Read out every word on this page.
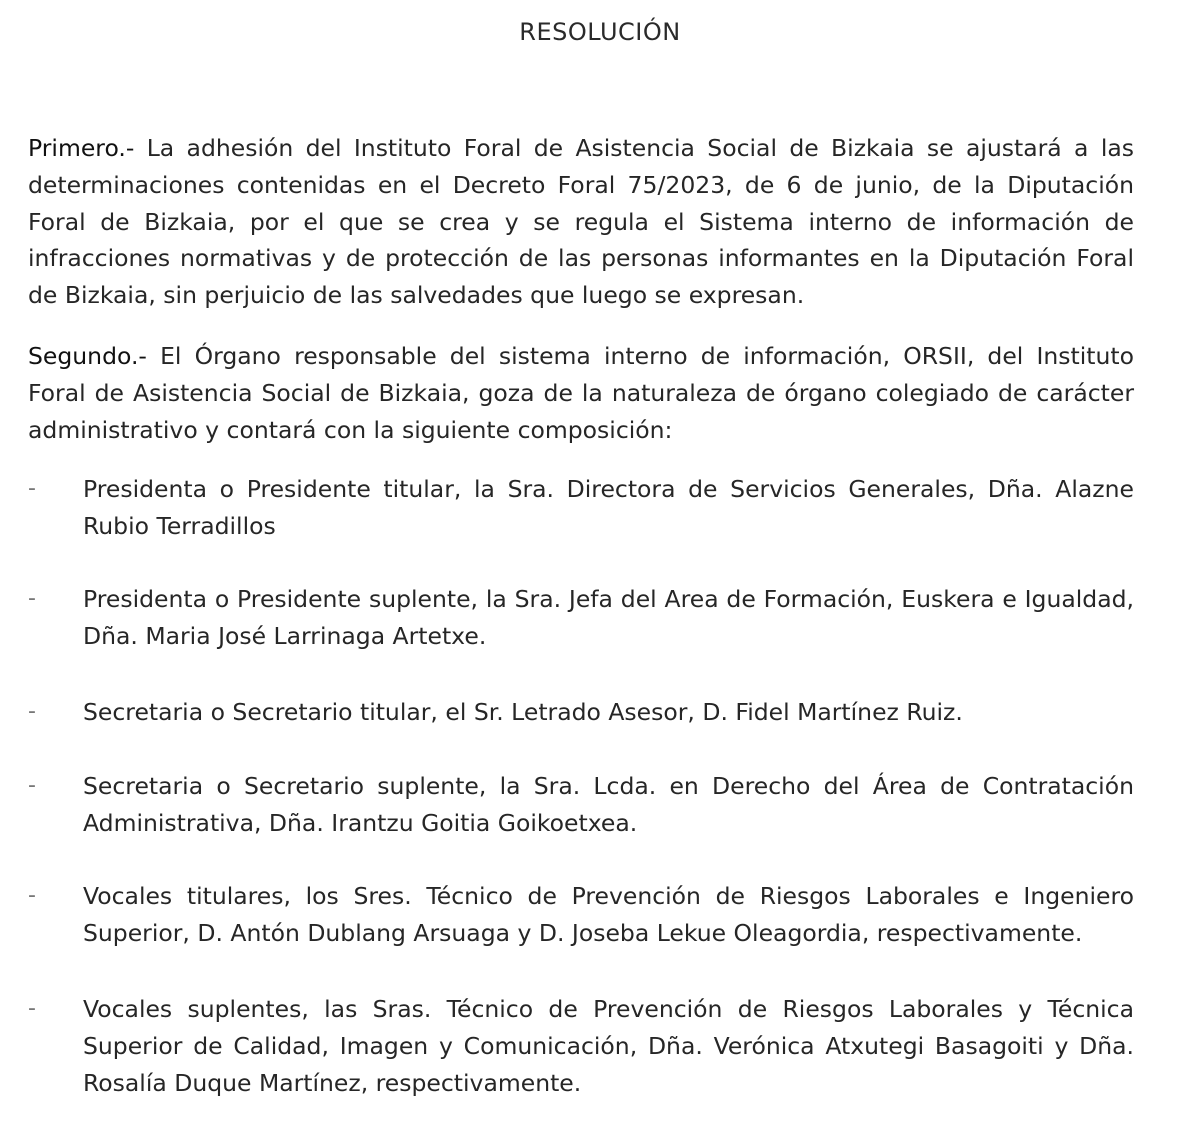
RESOLUCIÓN
Primero.- La adhesión del Instituto Foral de Asistencia Social de Bizkaia se ajustará a las determinaciones contenidas en el Decreto Foral 75/2023, de 6 de junio, de la Diputación Foral de Bizkaia, por el que se crea y se regula el Sistema interno de información de infracciones normativas y de protección de las personas informantes en la Diputación Foral de Bizkaia, sin perjuicio de las salvedades que luego se expresan.
Segundo.- El Órgano responsable del sistema interno de información, ORSII, del Instituto Foral de Asistencia Social de Bizkaia, goza de la naturaleza de órgano colegiado de carácter administrativo y contará con la siguiente composición:
- Presidenta o Presidente titular, la Sra. Directora de Servicios Generales, Dña. Alazne Rubio Terradillos
- Presidenta o Presidente suplente, la Sra. Jefa del Area de Formación, Euskera e Igualdad, Dña. Maria José Larrinaga Artetxe.
- Secretaria o Secretario titular, el Sr. Letrado Asesor, D. Fidel Martínez Ruiz.
- Secretaria o Secretario suplente, la Sra. Lcda. en Derecho del Área de Contratación Administrativa, Dña. Irantzu Goitia Goikoetxea.
- Vocales titulares, los Sres. Técnico de Prevención de Riesgos Laborales e Ingeniero Superior, D. Antón Dublang Arsuaga y D. Joseba Lekue Oleagordia, respectivamente.
- Vocales suplentes, las Sras. Técnico de Prevención de Riesgos Laborales y Técnica Superior de Calidad, Imagen y Comunicación, Dña. Verónica Atxutegi Basagoiti y Dña. Rosalía Duque Martínez, respectivamente.
